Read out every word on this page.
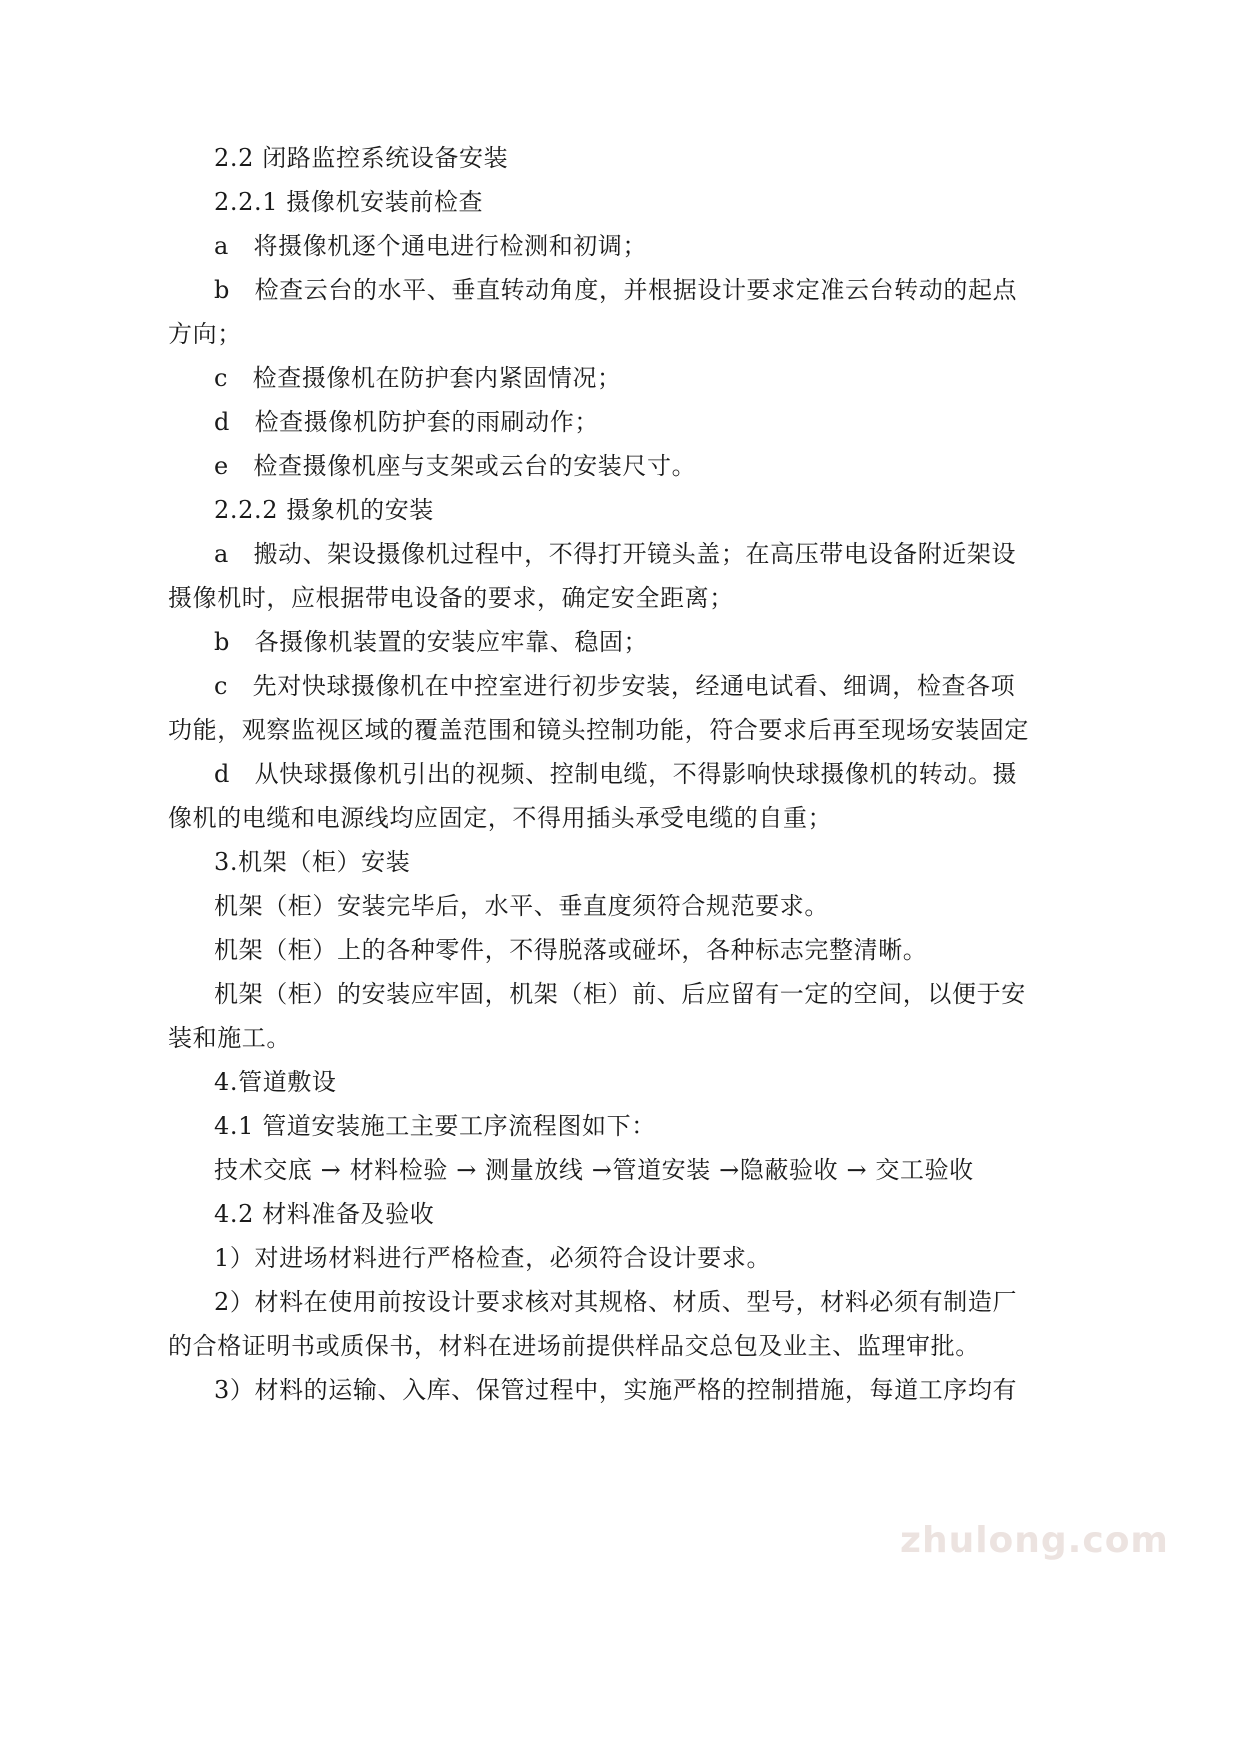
2.2 闭路监控系统设备安装
2.2.1 摄像机安装前检查
a　将摄像机逐个通电进行检测和初调；
b　检查云台的水平、垂直转动角度，并根据设计要求定准云台转动的起点
方向；
c　检查摄像机在防护套内紧固情况；
d　检查摄像机防护套的雨刷动作；
e　检查摄像机座与支架或云台的安装尺寸。
2.2.2 摄象机的安装
a　搬动、架设摄像机过程中，不得打开镜头盖；在高压带电设备附近架设
摄像机时，应根据带电设备的要求，确定安全距离；
b　各摄像机装置的安装应牢靠、稳固；
c　先对快球摄像机在中控室进行初步安装，经通电试看、细调，检查各项
功能，观察监视区域的覆盖范围和镜头控制功能，符合要求后再至现场安装固定
d　从快球摄像机引出的视频、控制电缆，不得影响快球摄像机的转动。摄
像机的电缆和电源线均应固定，不得用插头承受电缆的自重；
3.机架（柜）安装
机架（柜）安装完毕后，水平、垂直度须符合规范要求。
机架（柜）上的各种零件，不得脱落或碰坏，各种标志完整清晰。
机架（柜）的安装应牢固，机架（柜）前、后应留有一定的空间，以便于安
装和施工。
4.管道敷设
4.1 管道安装施工主要工序流程图如下：
技术交底 → 材料检验 → 测量放线 →管道安装 →隐蔽验收 → 交工验收
4.2 材料准备及验收
1）对进场材料进行严格检查，必须符合设计要求。
2）材料在使用前按设计要求核对其规格、材质、型号，材料必须有制造厂
的合格证明书或质保书，材料在进场前提供样品交总包及业主、监理审批。
3）材料的运输、入库、保管过程中，实施严格的控制措施，每道工序均有
zhulong.com
